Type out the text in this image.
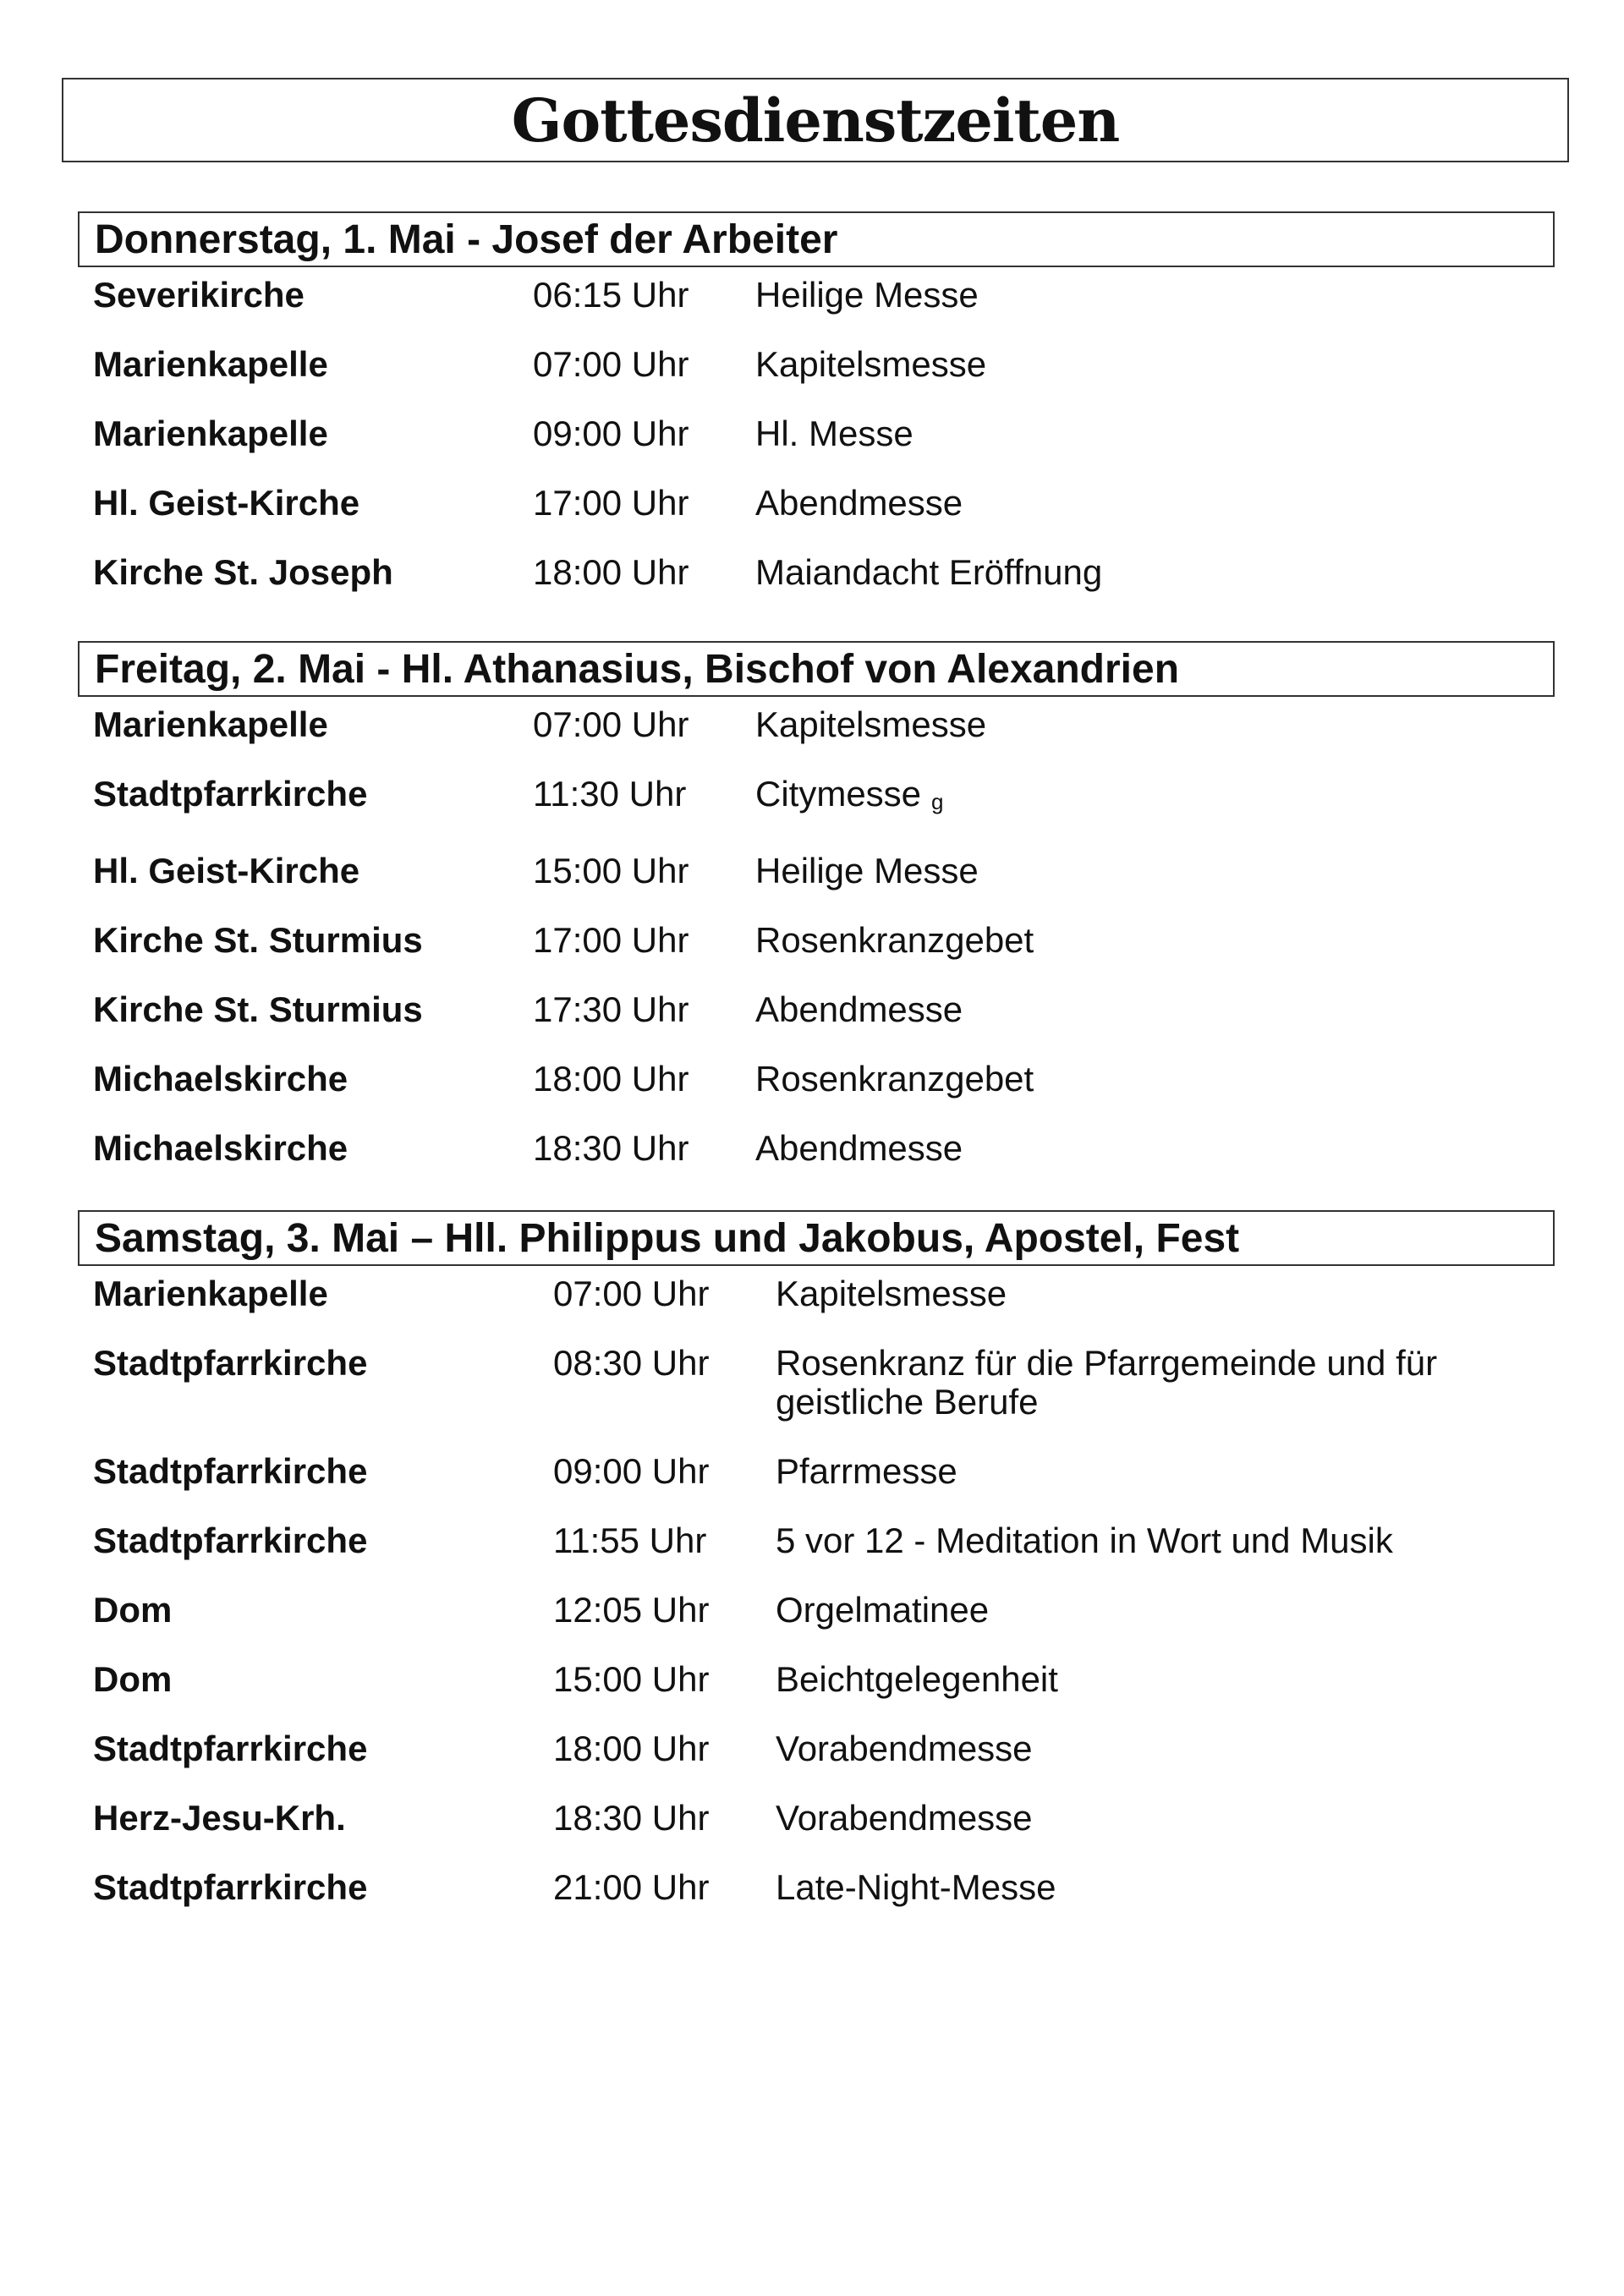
Gottesdienstzeiten
Donnerstag, 1. Mai - Josef der Arbeiter
Severikirche	06:15 Uhr	Heilige Messe
Marienkapelle	07:00 Uhr	Kapitelsmesse
Marienkapelle	09:00 Uhr	Hl. Messe
Hl. Geist-Kirche	17:00 Uhr	Abendmesse
Kirche St. Joseph	18:00 Uhr	Maiandacht Eröffnung
Freitag, 2. Mai - Hl. Athanasius, Bischof von Alexandrien
Marienkapelle	07:00 Uhr	Kapitelsmesse
Stadtpfarrkirche	11:30 Uhr	Citymesse g
Hl. Geist-Kirche	15:00 Uhr	Heilige Messe
Kirche St. Sturmius	17:00 Uhr	Rosenkranzgebet
Kirche St. Sturmius	17:30 Uhr	Abendmesse
Michaelskirche	18:00 Uhr	Rosenkranzgebet
Michaelskirche	18:30 Uhr	Abendmesse
Samstag, 3. Mai – Hll. Philippus und Jakobus, Apostel, Fest
Marienkapelle	07:00 Uhr	Kapitelsmesse
Stadtpfarrkirche	08:30 Uhr	Rosenkranz für die Pfarrgemeinde und für geistliche Berufe
Stadtpfarrkirche	09:00 Uhr	Pfarrmesse
Stadtpfarrkirche	11:55 Uhr	5 vor 12 - Meditation in Wort und Musik
Dom	12:05 Uhr	Orgelmatinee
Dom	15:00 Uhr	Beichtgelegenheit
Stadtpfarrkirche	18:00 Uhr	Vorabendmesse
Herz-Jesu-Krh.	18:30 Uhr	Vorabendmesse
Stadtpfarrkirche	21:00 Uhr	Late-Night-Messe
